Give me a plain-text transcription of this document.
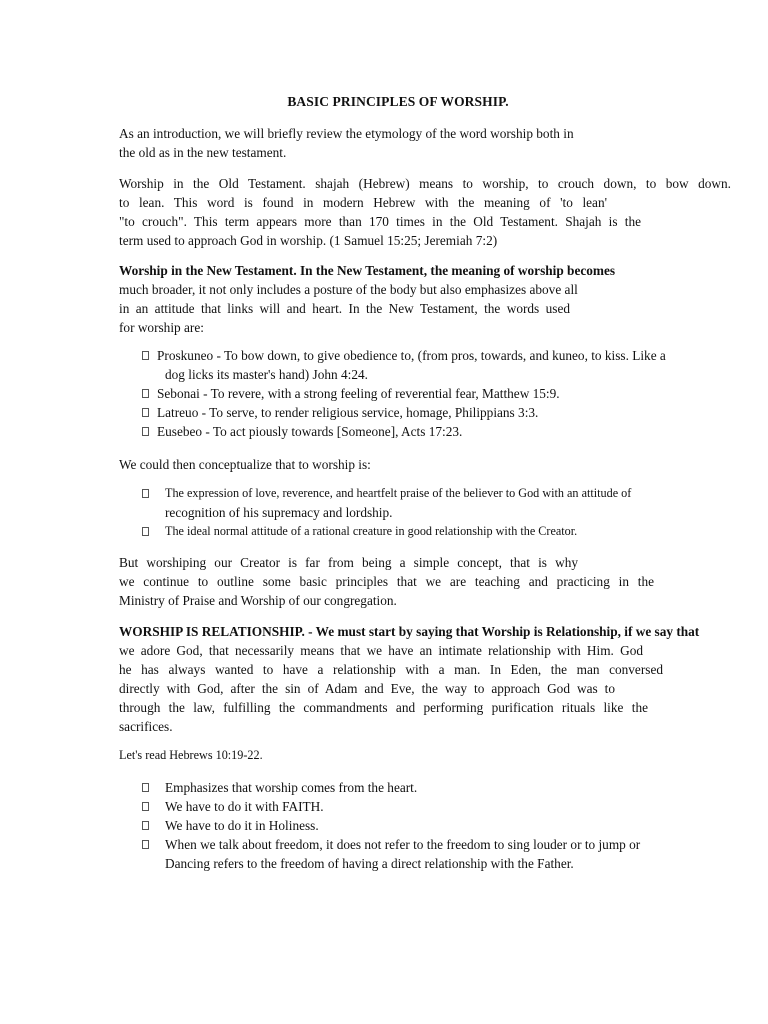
BASIC PRINCIPLES OF WORSHIP.
As an introduction, we will briefly review the etymology of the word worship both in
the old as in the new testament.
Worship in the Old Testament. shajah (Hebrew) means to worship, to crouch down, to bow down.
to lean. This word is found in modern Hebrew with the meaning of 'to lean'
"to crouch". This term appears more than 170 times in the Old Testament. Shajah is the
term used to approach God in worship. (1 Samuel 15:25; Jeremiah 7:2)
Worship in the New Testament. In the New Testament, the meaning of worship becomes
much broader, it not only includes a posture of the body but also emphasizes above all
in an attitude that links will and heart. In the New Testament, the words used
for worship are:
Proskuneo - To bow down, to give obedience to, (from pros, towards, and kuneo, to kiss. Like a
dog licks its master's hand) John 4:24.
Sebonai - To revere, with a strong feeling of reverential fear, Matthew 15:9.
Latreuo - To serve, to render religious service, homage, Philippians 3:3.
Eusebeo - To act piously towards [Someone], Acts 17:23.
We could then conceptualize that to worship is:
The expression of love, reverence, and heartfelt praise of the believer to God with an attitude of
recognition of his supremacy and lordship.
The ideal normal attitude of a rational creature in good relationship with the Creator.
But worshiping our Creator is far from being a simple concept, that is why
we continue to outline some basic principles that we are teaching and practicing in the
Ministry of Praise and Worship of our congregation.
WORSHIP IS RELATIONSHIP. - We must start by saying that Worship is Relationship, if we say that
we adore God, that necessarily means that we have an intimate relationship with Him. God
he has always wanted to have a relationship with a man. In Eden, the man conversed
directly with God, after the sin of Adam and Eve, the way to approach God was to
through the law, fulfilling the commandments and performing purification rituals like the
sacrifices.
Let's read Hebrews 10:19-22.
Emphasizes that worship comes from the heart.
We have to do it with FAITH.
We have to do it in Holiness.
When we talk about freedom, it does not refer to the freedom to sing louder or to jump or
Dancing refers to the freedom of having a direct relationship with the Father.
